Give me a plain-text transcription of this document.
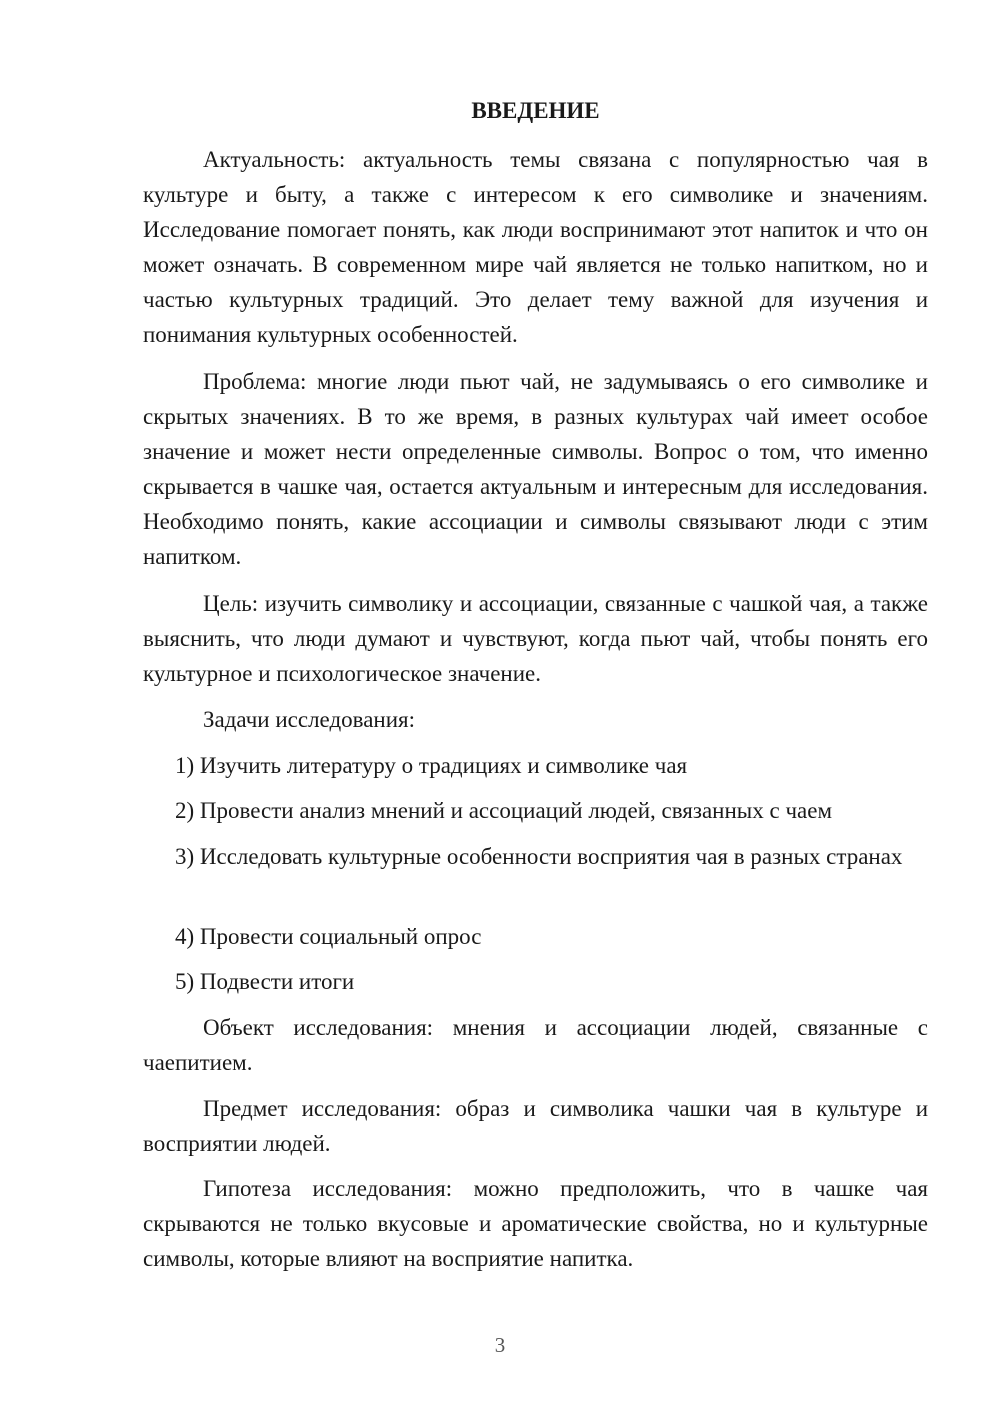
ВВЕДЕНИЕ

Актуальность: актуальность темы связана с популярностью чая в культуре и быту, а также с интересом к его символике и значениям. Исследование помогает понять, как люди воспринимают этот напиток и что он может означать. В современном мире чай является не только напитком, но и частью культурных традиций. Это делает тему важной для изучения и понимания культурных особенностей.

Проблема: многие люди пьют чай, не задумываясь о его символике и скрытых значениях. В то же время, в разных культурах чай имеет особое значение и может нести определенные символы. Вопрос о том, что именно скрывается в чашке чая, остается актуальным и интересным для исследования. Необходимо понять, какие ассоциации и символы связывают люди с этим напитком.

Цель: изучить символику и ассоциации, связанные с чашкой чая, а также выяснить, что люди думают и чувствуют, когда пьют чай, чтобы понять его культурное и психологическое значение.

Задачи исследования:

1) Изучить литературу о традициях и символике чая

2) Провести анализ мнений и ассоциаций людей, связанных с чаем

3) Исследовать культурные особенности восприятия чая в разных странах

4) Провести социальный опрос

5) Подвести итоги

Объект исследования: мнения и ассоциации людей, связанные с чаепитием.

Предмет исследования: образ и символика чашки чая в культуре и восприятии людей.

Гипотеза исследования: можно предположить, что в чашке чая скрываются не только вкусовые и ароматические свойства, но и культурные символы, которые влияют на восприятие напитка.

3
